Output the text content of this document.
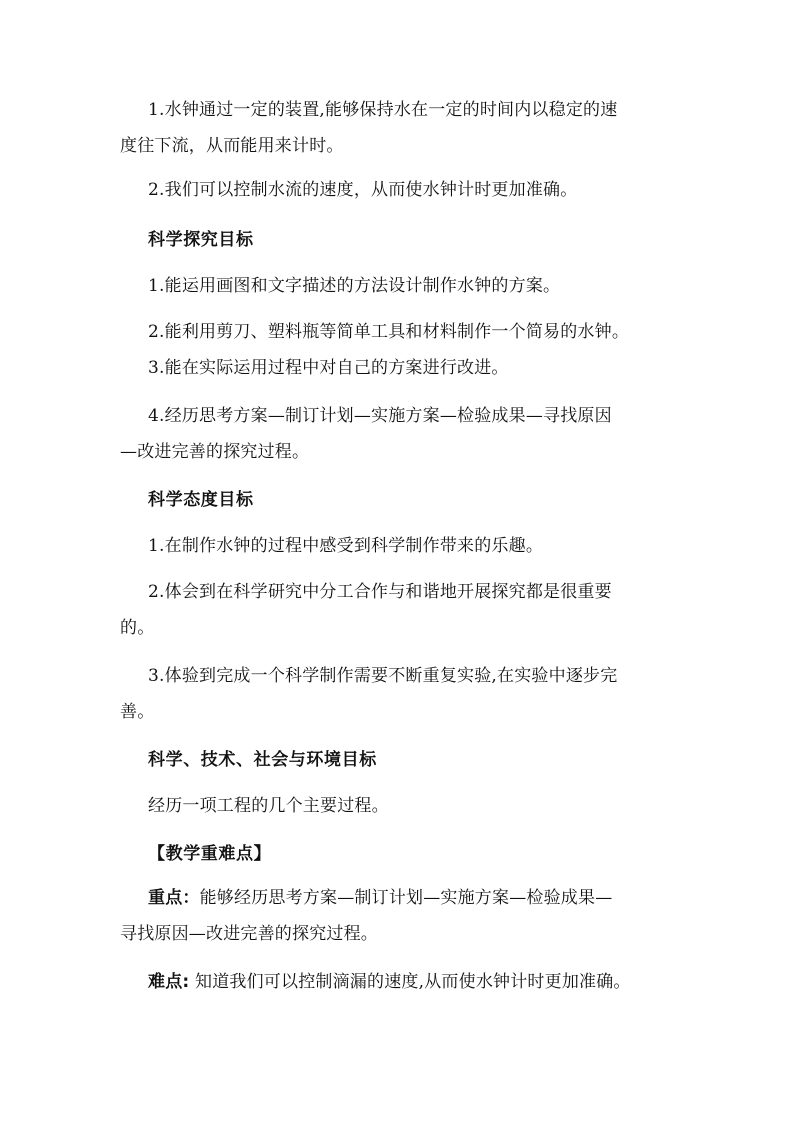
1.水钟通过一定的装置,能够保持水在一定的时间内以稳定的速
度往下流，从而能用来计时。
2.我们可以控制水流的速度，从而使水钟计时更加准确。
科学探究目标
1.能运用画图和文字描述的方法设计制作水钟的方案。
2.能利用剪刀、塑料瓶等简单工具和材料制作一个简易的水钟。
3.能在实际运用过程中对自己的方案进行改进。
4.经历思考方案—制订计划—实施方案—检验成果—寻找原因
—改进完善的探究过程。
科学态度目标
1.在制作水钟的过程中感受到科学制作带来的乐趣。
2.体会到在科学研究中分工合作与和谐地开展探究都是很重要
的。
3.体验到完成一个科学制作需要不断重复实验,在实验中逐步完
善。
科学、技术、社会与环境目标
经历一项工程的几个主要过程。
【教学重难点】
重点：能够经历思考方案—制订计划—实施方案—检验成果—
寻找原因—改进完善的探究过程。
难点: 知道我们可以控制滴漏的速度,从而使水钟计时更加准确。
